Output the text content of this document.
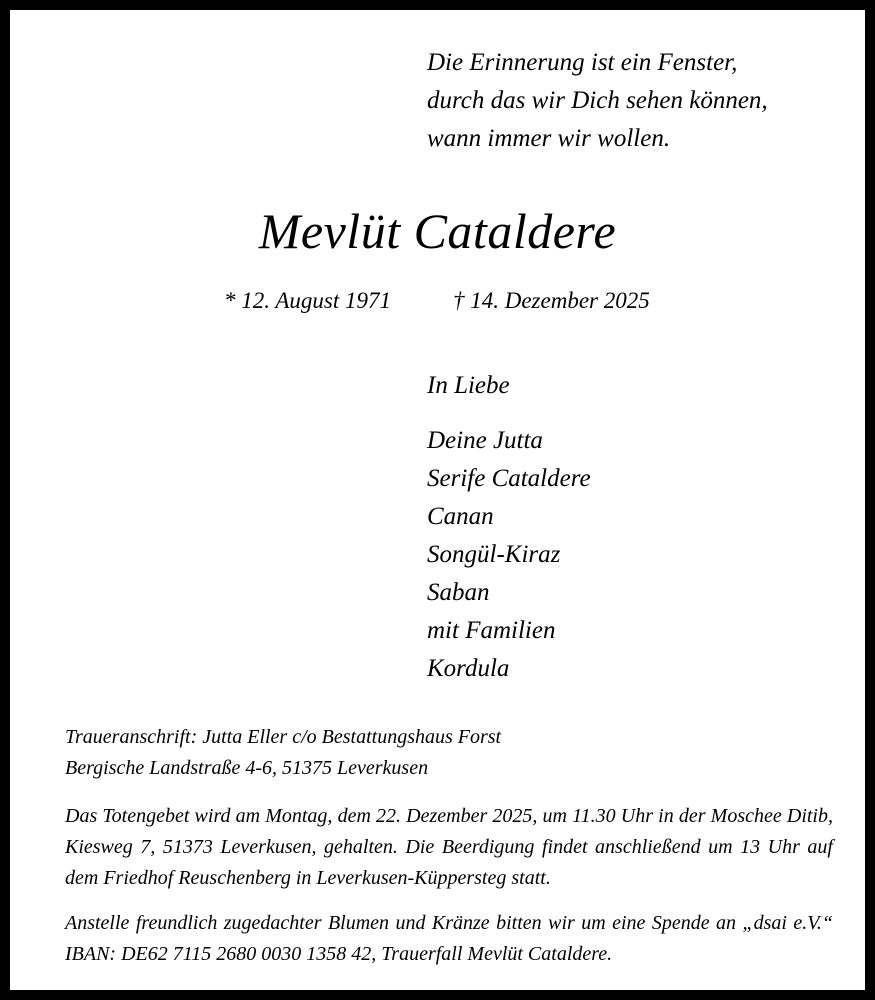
Die Erinnerung ist ein Fenster,
durch das wir Dich sehen können,
wann immer wir wollen.
Mevlüt Cataldere
* 12. August 1971	† 14. Dezember 2025
In Liebe
Deine Jutta
Serife Cataldere
Canan
Songül-Kiraz
Saban
mit Familien
Kordula
Traueranschrift: Jutta Eller c/o Bestattungshaus Forst
Bergische Landstraße 4-6, 51375 Leverkusen
Das Totengebet wird am Montag, dem 22. Dezember 2025, um 11.30 Uhr in der Moschee Ditib, Kiesweg 7, 51373 Leverkusen, gehalten. Die Beerdigung findet anschließend um 13 Uhr auf dem Friedhof Reuschenberg in Leverkusen-Küppersteg statt.
Anstelle freundlich zugedachter Blumen und Kränze bitten wir um eine Spende an „dsai e.V.“ IBAN: DE62 7115 2680 0030 1358 42, Trauerfall Mevlüt Cataldere.
